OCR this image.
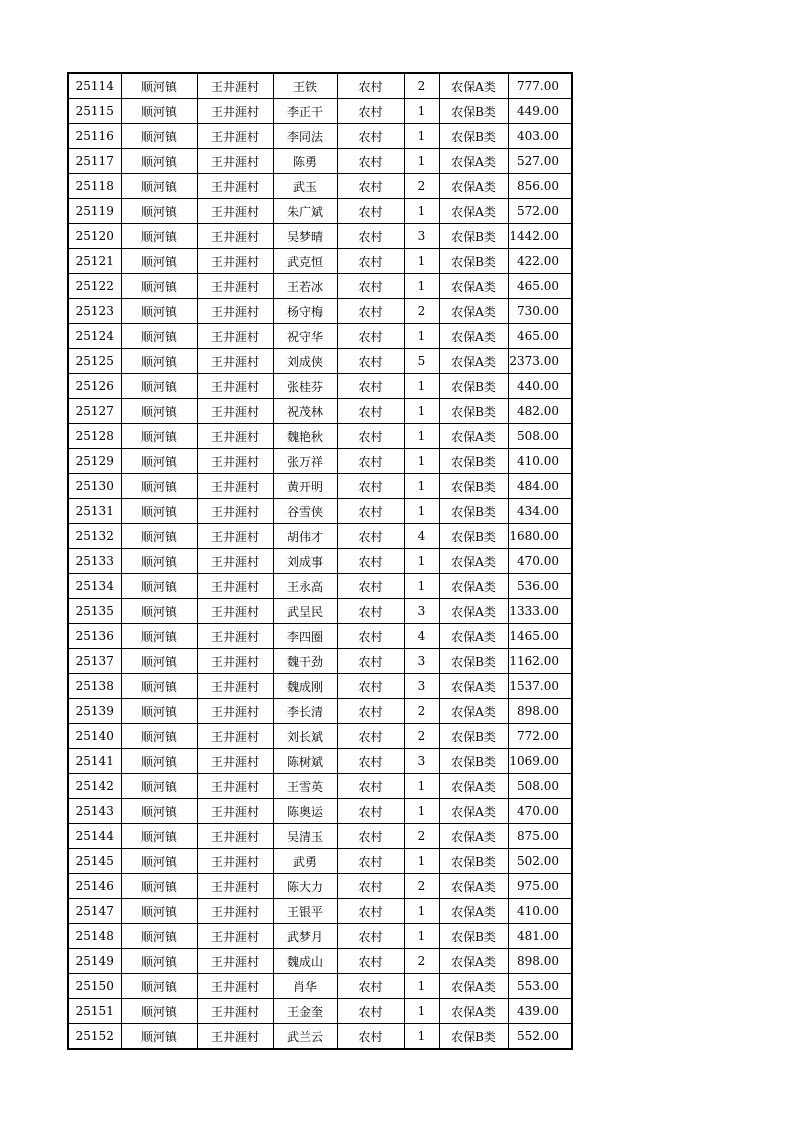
25114	顺河镇	王井涯村	王铁	农村	2	农保A类	777.00
25115	顺河镇	王井涯村	李正干	农村	1	农保B类	449.00
25116	顺河镇	王井涯村	李同法	农村	1	农保B类	403.00
25117	顺河镇	王井涯村	陈勇	农村	1	农保A类	527.00
25118	顺河镇	王井涯村	武玉	农村	2	农保A类	856.00
25119	顺河镇	王井涯村	朱广斌	农村	1	农保A类	572.00
25120	顺河镇	王井涯村	吴梦晴	农村	3	农保B类	1442.00
25121	顺河镇	王井涯村	武克恒	农村	1	农保B类	422.00
25122	顺河镇	王井涯村	王若冰	农村	1	农保A类	465.00
25123	顺河镇	王井涯村	杨守梅	农村	2	农保A类	730.00
25124	顺河镇	王井涯村	祝守华	农村	1	农保A类	465.00
25125	顺河镇	王井涯村	刘成侠	农村	5	农保A类	2373.00
25126	顺河镇	王井涯村	张桂芬	农村	1	农保B类	440.00
25127	顺河镇	王井涯村	祝茂林	农村	1	农保B类	482.00
25128	顺河镇	王井涯村	魏艳秋	农村	1	农保A类	508.00
25129	顺河镇	王井涯村	张万祥	农村	1	农保B类	410.00
25130	顺河镇	王井涯村	黄开明	农村	1	农保B类	484.00
25131	顺河镇	王井涯村	谷雪侠	农村	1	农保B类	434.00
25132	顺河镇	王井涯村	胡伟才	农村	4	农保B类	1680.00
25133	顺河镇	王井涯村	刘成事	农村	1	农保A类	470.00
25134	顺河镇	王井涯村	王永高	农村	1	农保A类	536.00
25135	顺河镇	王井涯村	武呈民	农村	3	农保A类	1333.00
25136	顺河镇	王井涯村	李四圈	农村	4	农保A类	1465.00
25137	顺河镇	王井涯村	魏干劲	农村	3	农保B类	1162.00
25138	顺河镇	王井涯村	魏成刚	农村	3	农保A类	1537.00
25139	顺河镇	王井涯村	李长清	农村	2	农保A类	898.00
25140	顺河镇	王井涯村	刘长斌	农村	2	农保B类	772.00
25141	顺河镇	王井涯村	陈树斌	农村	3	农保B类	1069.00
25142	顺河镇	王井涯村	王雪英	农村	1	农保A类	508.00
25143	顺河镇	王井涯村	陈奥运	农村	1	农保A类	470.00
25144	顺河镇	王井涯村	吴清玉	农村	2	农保A类	875.00
25145	顺河镇	王井涯村	武勇	农村	1	农保B类	502.00
25146	顺河镇	王井涯村	陈大力	农村	2	农保A类	975.00
25147	顺河镇	王井涯村	王银平	农村	1	农保A类	410.00
25148	顺河镇	王井涯村	武梦月	农村	1	农保B类	481.00
25149	顺河镇	王井涯村	魏成山	农村	2	农保A类	898.00
25150	顺河镇	王井涯村	肖华	农村	1	农保A类	553.00
25151	顺河镇	王井涯村	王金奎	农村	1	农保A类	439.00
25152	顺河镇	王井涯村	武兰云	农村	1	农保B类	552.00
